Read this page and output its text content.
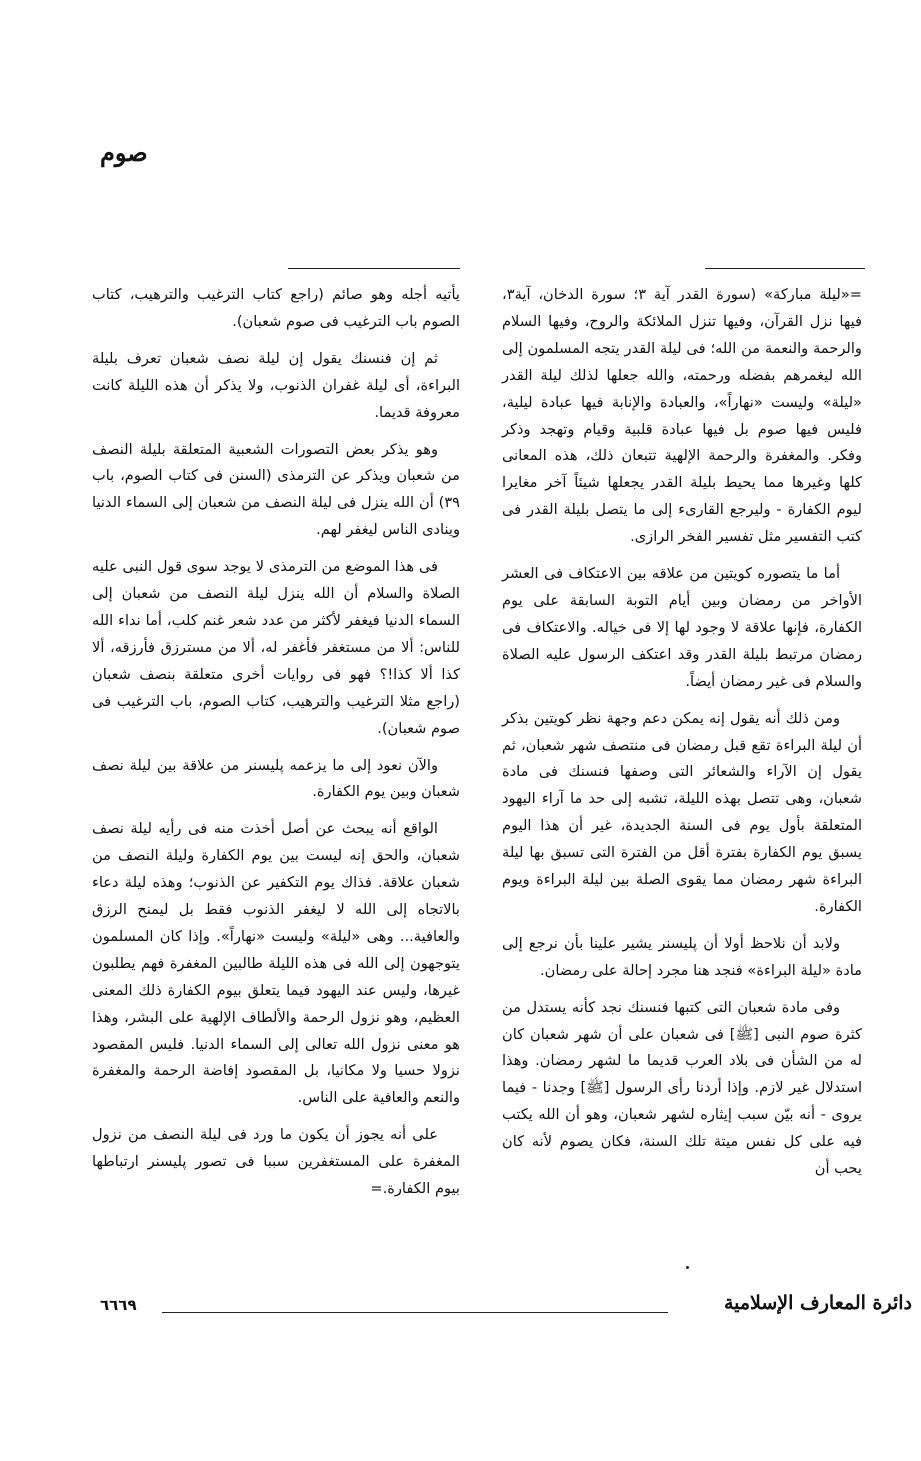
صوم

=«ليلة مباركة» (سورة القدر آية ٣؛ سورة الدخان، آية٣، فيها نزل القرآن، وفيها تنزل الملائكة والروح، وفيها السلام والرحمة والنعمة من الله؛ فى ليلة القدر يتجه المسلمون إلى الله ليغمرهم بفضله ورحمته، والله جعلها لذلك ليلة القدر «ليلة» وليست «نهاراً»، والعبادة والإنابة فيها عبادة ليلية، فليس فيها صوم بل فيها عبادة قلبية وقيام وتهجد وذكر وفكر. والمغفرة والرحمة الإلهية تتبعان ذلك، هذه المعانى كلها وغيرها مما يحيط بليلة القدر يجعلها شيئاً آخر مغايرا ليوم الكفارة - وليرجع القارىء إلى ما يتصل بليلة القدر فى كتب التفسير مثل تفسير الفخر الرازى.

أما ما يتصوره كويتين من علاقه بين الاعتكاف فى العشر الأواخر من رمضان وبين أيام التوبة السابقة على يوم الكفارة، فإنها علاقة لا وجود لها إلا فى خياله. والاعتكاف فى رمضان مرتبط بليلة القدر وقد اعتكف الرسول عليه الصلاة والسلام فى غير رمضان أيضاً.

ومن ذلك أنه يقول إنه يمكن دعم وجهة نظر كويتين بذكر أن ليلة البراءة تقع قبل رمضان فى منتصف شهر شعبان، ثم يقول إن الآراء والشعائر التى وصفها فنسنك فى مادة شعبان، وهى تتصل بهذه الليلة، تشبه إلى حد ما آراء اليهود المتعلقة بأول يوم فى السنة الجديدة، غير أن هذا اليوم يسبق يوم الكفارة بفترة أقل من الفترة التى تسبق بها ليلة البراءة شهر رمضان مما يقوى الصلة بين ليلة البراءة ويوم الكفارة.

ولابد أن نلاحظ أولا أن پليسنر يشير علينا بأن نرجع إلى مادة «ليلة البراءة» فنجد هنا مجرد إحالة على رمضان.

وفى مادة شعبان التى كتبها فنسنك نجد كأنه يستدل من كثرة صوم النبى [ﷺ] فى شعبان على أن شهر شعبان كان له من الشأن فى بلاد العرب قديما ما لشهر رمضان. وهذا استدلال غير لازم. وإذا أردنا رأى الرسول [ﷺ] وجدنا - فيما يروى - أنه بيّن سبب إيثاره لشهر شعبان، وهو أن الله يكتب فيه على كل نفس ميتة تلك السنة، فكان يصوم لأنه كان يحب أن

يأتيه أجله وهو صائم (راجع كتاب الترغيب والترهيب، كتاب الصوم باب الترغيب فى صوم شعبان).

ثم إن فنسنك يقول إن ليلة نصف شعبان تعرف بليلة البراءة، أى ليلة غفران الذنوب، ولا يذكر أن هذه الليلة كانت معروفة قديما.

وهو يذكر بعض التصورات الشعبية المتعلقة بليلة النصف من شعبان ويذكر عن الترمذى (السنن فى كتاب الصوم، باب ٣٩) أن الله ينزل فى ليلة النصف من شعبان إلى السماء الدنيا وينادى الناس ليغفر لهم.

فى هذا الموضع من الترمذى لا يوجد سوى قول النبى عليه الصلاة والسلام أن الله ينزل ليلة النصف من شعبان إلى السماء الدنيا فيغفر لأكثر من عدد شعر غنم كلب، أما نداء الله للناس: ألا من مستغفر فأغفر له، ألا من مسترزق فأرزقه، ألا كذا ألا كذا!؟ فهو فى روايات أخرى متعلقة بنصف شعبان (راجع مثلا الترغيب والترهيب، كتاب الصوم، باب الترغيب فى صوم شعبان).

والآن نعود إلى ما يزعمه پليسنر من علاقة بين ليلة نصف شعبان وبين يوم الكفارة.

الواقع أنه يبحث عن أصل أخذت منه فى رأيه ليلة نصف شعبان، والحق إنه ليست بين يوم الكفارة وليلة النصف من شعبان علاقة. فذاك يوم التكفير عن الذنوب؛ وهذه ليلة دعاء بالاتجاه إلى الله لا ليغفر الذنوب فقط بل ليمنح الرزق والعافية... وهى «ليلة» وليست «نهاراً». وإذا كان المسلمون يتوجهون إلى الله فى هذه الليلة طالبين المغفرة فهم يطلبون غيرها، وليس عند اليهود فيما يتعلق بيوم الكفارة ذلك المعنى العظيم، وهو نزول الرحمة والألطاف الإلهية على البشر، وهذا هو معنى نزول الله تعالى إلى السماء الدنيا. فليس المقصود نزولا حسيا ولا مكانيا، بل المقصود إفاضة الرحمة والمغفرة والنعم والعافية على الناس.

على أنه يجوز أن يكون ما ورد فى ليلة النصف من نزول المغفرة على المستغفرين سببا فى تصور پليسنر ارتباطها بيوم الكفارة.=

دائرة المعارف الإسلامية
٦٦٦٩
